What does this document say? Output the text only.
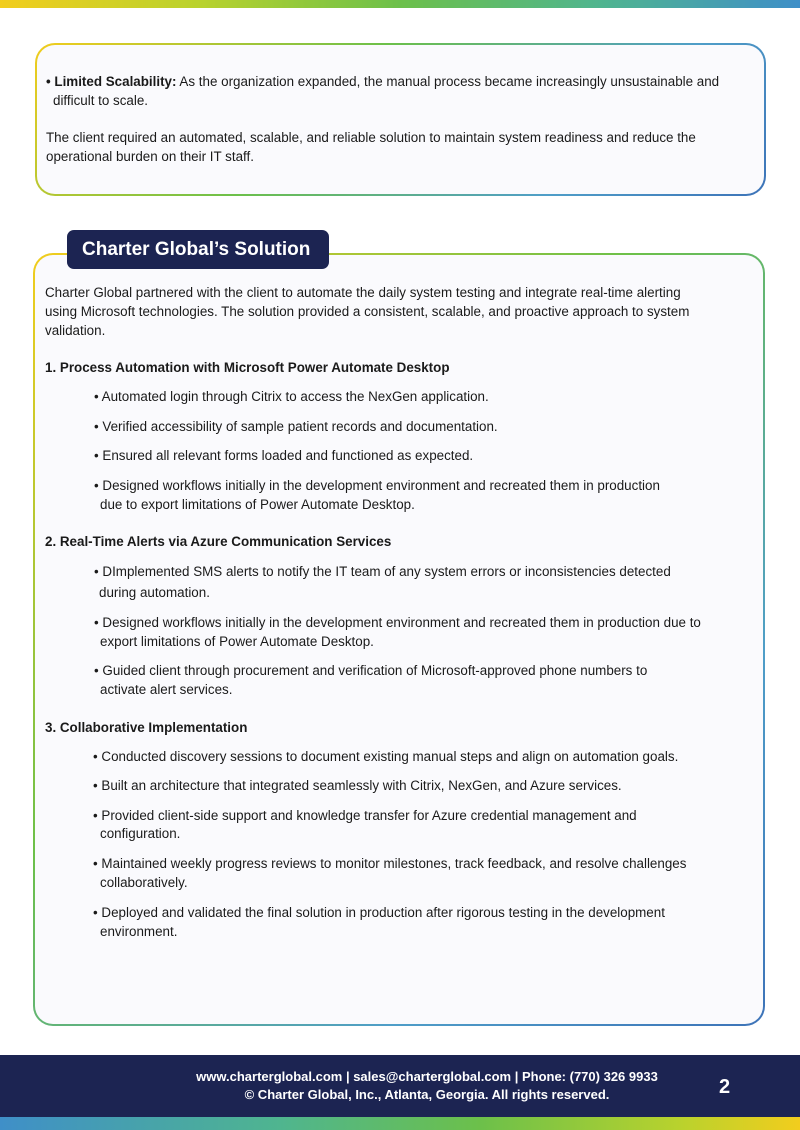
• Limited Scalability: As the organization expanded, the manual process became increasingly unsustainable and
difficult to scale.
The client required an automated, scalable, and reliable solution to maintain system readiness and reduce the
operational burden on their IT staff.
Charter Global’s Solution
Charter Global partnered with the client to automate the daily system testing and integrate real-time alerting
using Microsoft technologies. The solution provided a consistent, scalable, and proactive approach to system
validation.
1. Process Automation with Microsoft Power Automate Desktop
• Automated login through Citrix to access the NexGen application.
• Verified accessibility of sample patient records and documentation.
• Ensured all relevant forms loaded and functioned as expected.
• Designed workflows initially in the development environment and recreated them in production
due to export limitations of Power Automate Desktop.
2. Real-Time Alerts via Azure Communication Services
• DImplemented SMS alerts to notify the IT team of any system errors or inconsistencies detected
during automation.
• Designed workflows initially in the development environment and recreated them in production due to
export limitations of Power Automate Desktop.
• Guided client through procurement and verification of Microsoft-approved phone numbers to
activate alert services.
3. Collaborative Implementation
• Conducted discovery sessions to document existing manual steps and align on automation goals.
• Built an architecture that integrated seamlessly with Citrix, NexGen, and Azure services.
• Provided client-side support and knowledge transfer for Azure credential management and
configuration.
• Maintained weekly progress reviews to monitor milestones, track feedback, and resolve challenges
collaboratively.
• Deployed and validated the final solution in production after rigorous testing in the development
environment.
www.charterglobal.com | sales@charterglobal.com | Phone: (770) 326 9933
© Charter Global, Inc., Atlanta, Georgia. All rights reserved.	2
